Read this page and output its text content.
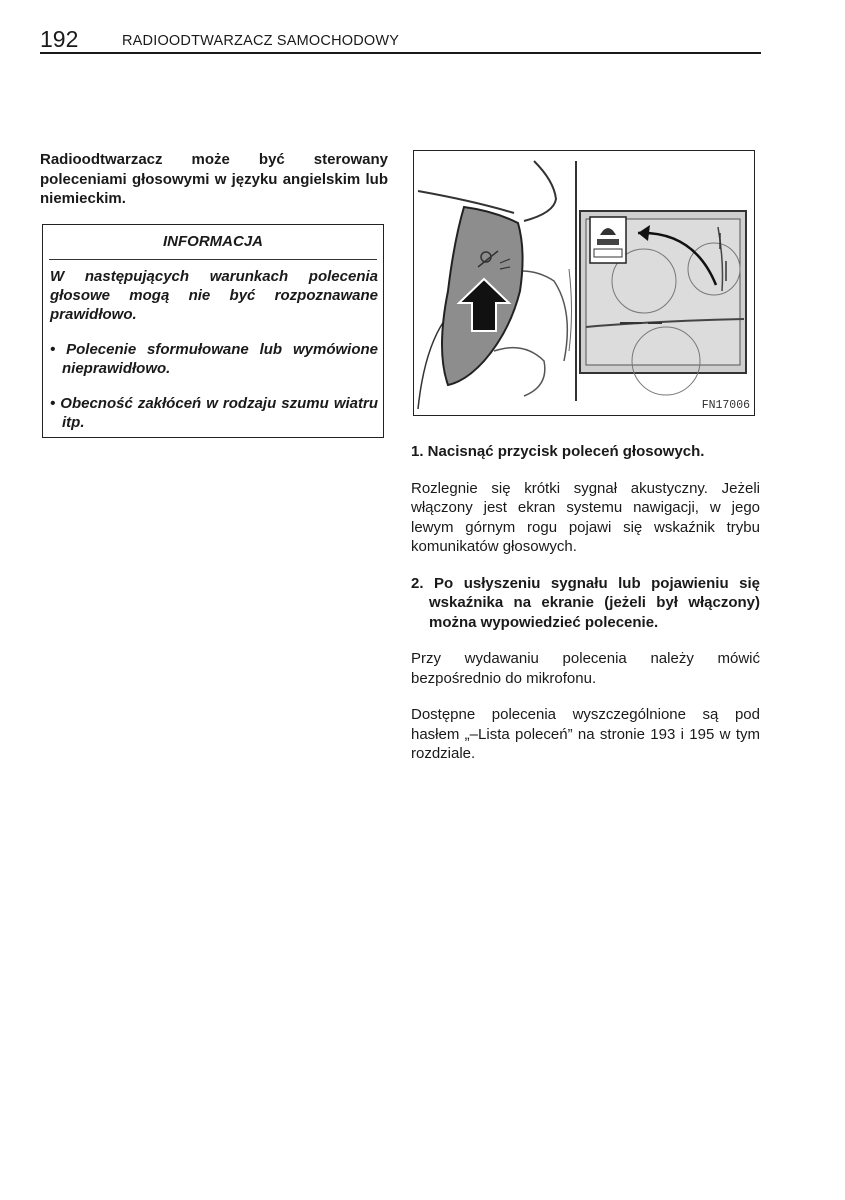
192	RADIOODTWARZACZ SAMOCHODOWY
Radioodtwarzacz może być sterowany poleceniami głosowymi w języku angielskim lub niemieckim.
INFORMACJA

W następujących warunkach polecenia głosowe mogą nie być rozpoznawane prawidłowo.

• Polecenie sformułowane lub wymówione nieprawidłowo.

• Obecność zakłóceń w rodzaju szumu wiatru itp.

FN17006

1. Nacisnąć przycisk poleceń głosowych.

Rozlegnie się krótki sygnał akustyczny. Jeżeli włączony jest ekran systemu nawigacji, w jego lewym górnym rogu pojawi się wskaźnik trybu komunikatów głosowych.

2. Po usłyszeniu sygnału lub pojawieniu się wskaźnika na ekranie (jeżeli był włączony) można wypowiedzieć polecenie.

Przy wydawaniu polecenia należy mówić bezpośrednio do mikrofonu.

Dostępne polecenia wyszczególnione są pod hasłem „–Lista poleceń” na stronie 193 i 195 w tym rozdziale.
